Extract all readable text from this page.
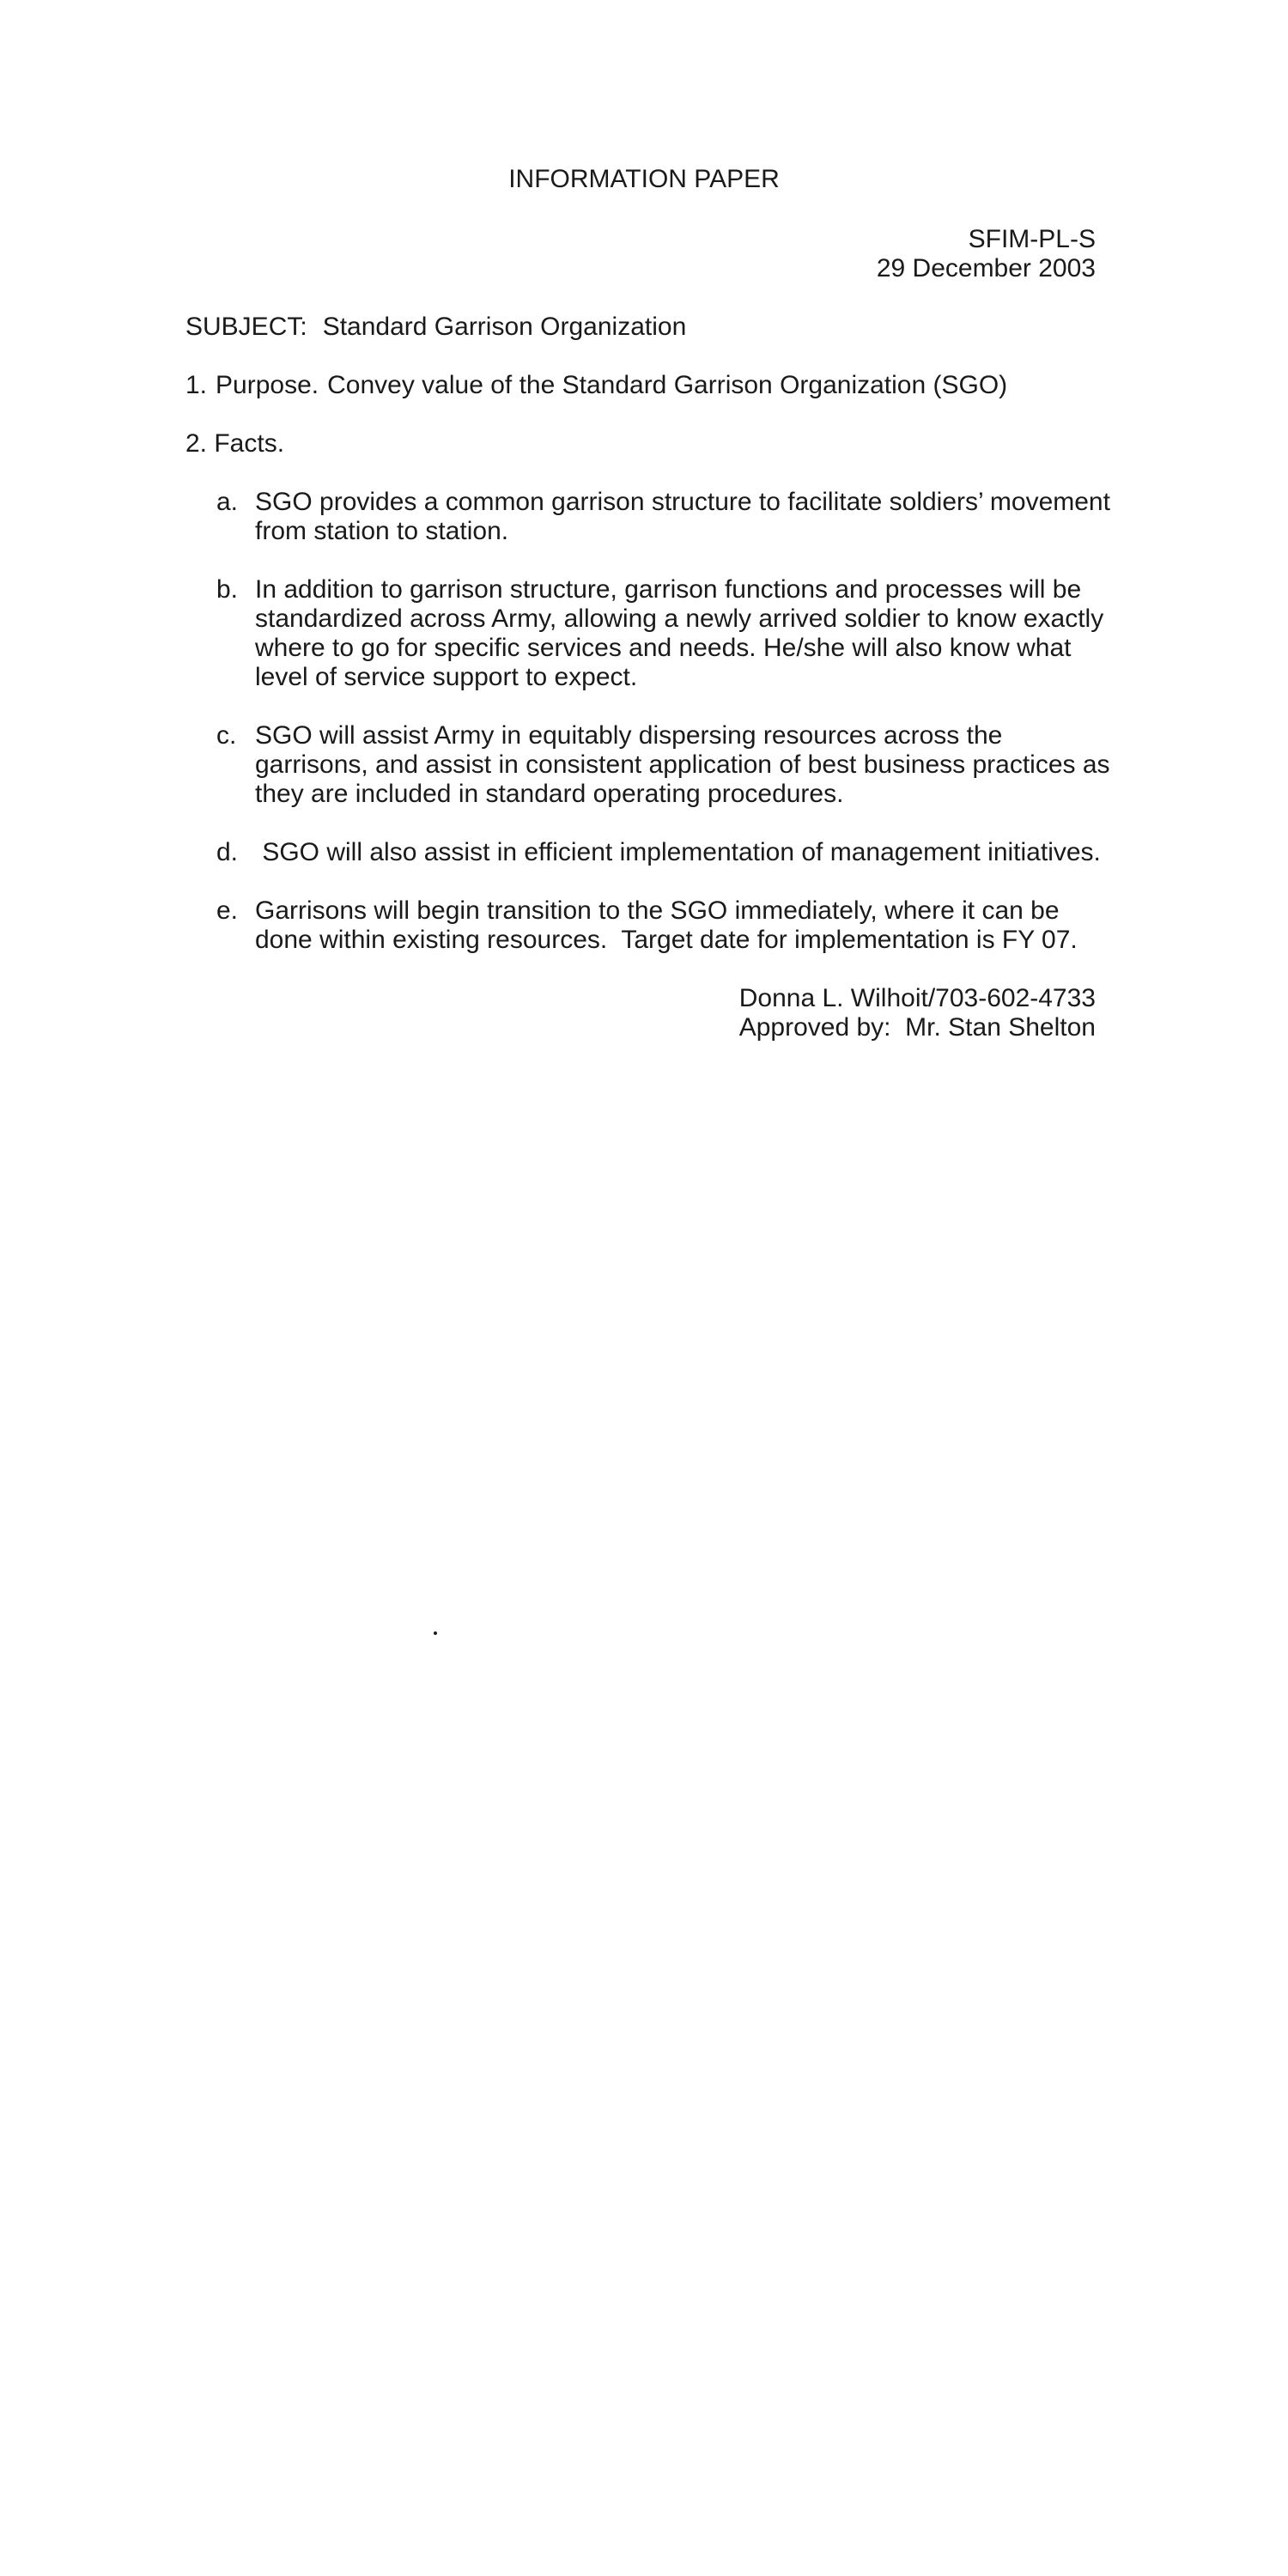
INFORMATION PAPER
SFIM-PL-S
29 December 2003
SUBJECT: Standard Garrison Organization
1. Purpose. Convey value of the Standard Garrison Organization (SGO)
2. Facts.
a. SGO provides a common garrison structure to facilitate soldiers’ movement from station to station.
b. In addition to garrison structure, garrison functions and processes will be standardized across Army, allowing a newly arrived soldier to know exactly where to go for specific services and needs. He/she will also know what level of service support to expect.
c. SGO will assist Army in equitably dispersing resources across the garrisons, and assist in consistent application of best business practices as they are included in standard operating procedures.
d. SGO will also assist in efficient implementation of management initiatives.
e. Garrisons will begin transition to the SGO immediately, where it can be done within existing resources.  Target date for implementation is FY 07.
Donna L. Wilhoit/703-602-4733
Approved by:  Mr. Stan Shelton
